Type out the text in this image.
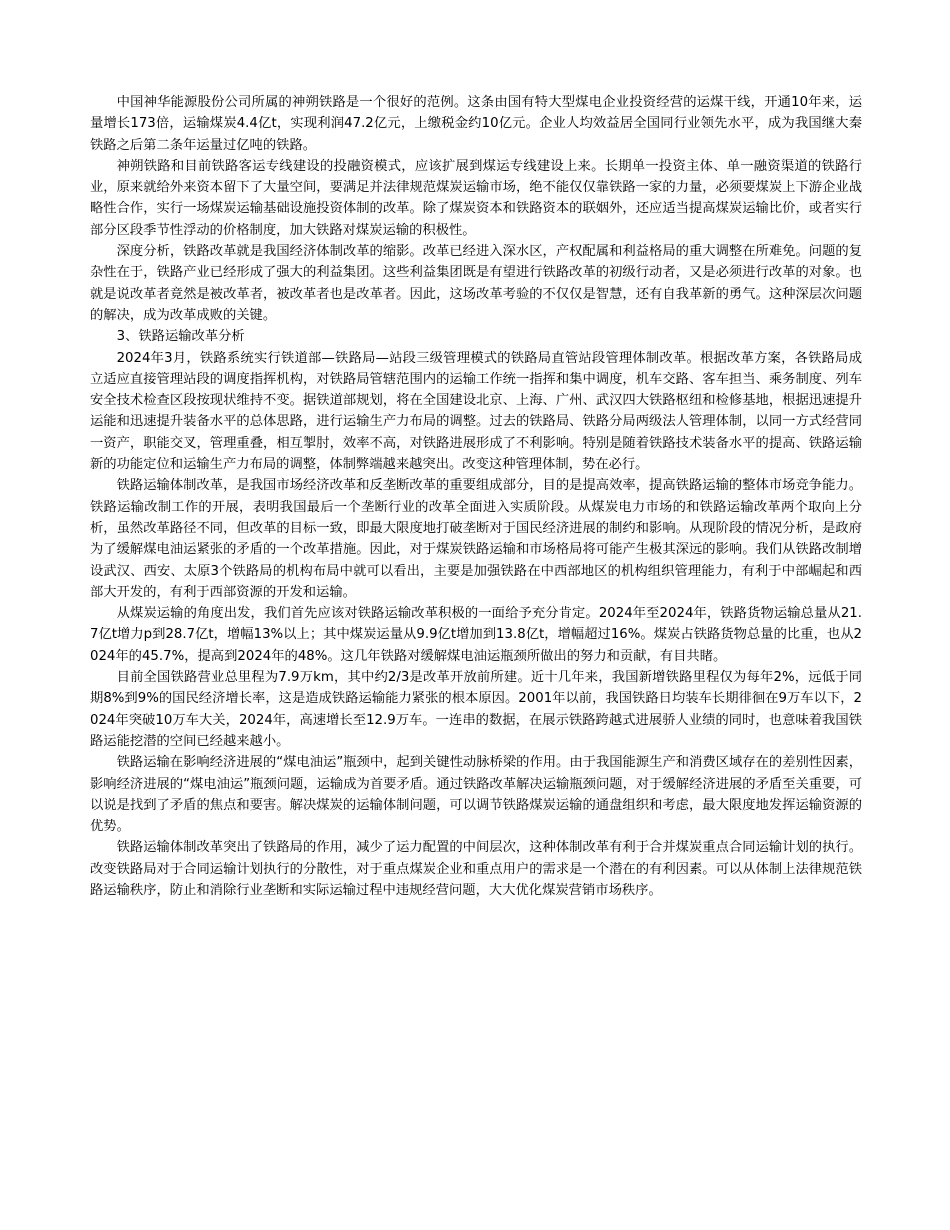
中国神华能源股份公司所属的神朔铁路是一个很好的范例。这条由国有特大型煤电企业投资经营的运煤干线，开通10年来，运量增长173倍，运输煤炭4.4亿t，实现利润47.2亿元，上缴税金约10亿元。企业人均效益居全国同行业领先水平，成为我国继大秦铁路之后第二条年运量过亿吨的铁路。

神朔铁路和目前铁路客运专线建设的投融资模式，应该扩展到煤运专线建设上来。长期单一投资主体、单一融资渠道的铁路行业，原来就给外来资本留下了大量空间，要满足并法律规范煤炭运输市场，绝不能仅仅靠铁路一家的力量，必须要煤炭上下游企业战略性合作，实行一场煤炭运输基础设施投资体制的改革。除了煤炭资本和铁路资本的联姻外，还应适当提高煤炭运输比价，或者实行部分区段季节性浮动的价格制度，加大铁路对煤炭运输的积极性。

深度分析，铁路改革就是我国经济体制改革的缩影。改革已经进入深水区，产权配属和利益格局的重大调整在所难免。问题的复杂性在于，铁路产业已经形成了强大的利益集团。这些利益集团既是有望进行铁路改革的初级行动者，又是必须进行改革的对象。也就是说改革者竟然是被改革者，被改革者也是改革者。因此，这场改革考验的不仅仅是智慧，还有自我革新的勇气。这种深层次问题的解决，成为改革成败的关键。

3、铁路运输改革分析

2024年3月，铁路系统实行铁道部—铁路局—站段三级管理模式的铁路局直管站段管理体制改革。根据改革方案，各铁路局成立适应直接管理站段的调度指挥机构，对铁路局管辖范围内的运输工作统一指挥和集中调度，机车交路、客车担当、乘务制度、列车安全技术检查区段按现状维持不变。据铁道部规划，将在全国建设北京、上海、广州、武汉四大铁路枢纽和检修基地，根据迅速提升运能和迅速提升装备水平的总体思路，进行运输生产力布局的调整。过去的铁路局、铁路分局两级法人管理体制，以同一方式经营同一资产，职能交叉，管理重叠，相互掣肘，效率不高，对铁路进展形成了不利影响。特别是随着铁路技术装备水平的提高、铁路运输新的功能定位和运输生产力布局的调整，体制弊端越来越突出。改变这种管理体制，势在必行。

铁路运输体制改革，是我国市场经济改革和反垄断改革的重要组成部分，目的是提高效率，提高铁路运输的整体市场竞争能力。铁路运输改制工作的开展，表明我国最后一个垄断行业的改革全面进入实质阶段。从煤炭电力市场的和铁路运输改革两个取向上分析，虽然改革路径不同，但改革的目标一致，即最大限度地打破垄断对于国民经济进展的制约和影响。从现阶段的情况分析，是政府为了缓解煤电油运紧张的矛盾的一个改革措施。因此，对于煤炭铁路运输和市场格局将可能产生极其深远的影响。我们从铁路改制增设武汉、西安、太原3个铁路局的机构布局中就可以看出，主要是加强铁路在中西部地区的机构组织管理能力，有利于中部崛起和西部大开发的，有利于西部资源的开发和运输。

从煤炭运输的角度出发，我们首先应该对铁路运输改革积极的一面给予充分肯定。2024年至2024年，铁路货物运输总量从21.7亿t增力p到28.7亿t，增幅13%以上；其中煤炭运量从9.9亿t增加到13.8亿t，增幅超过16%。煤炭占铁路货物总量的比重，也从2024年的45.7%，提高到2024年的48%。这几年铁路对缓解煤电油运瓶颈所做出的努力和贡献，有目共睹。

目前全国铁路营业总里程为7.9万km，其中约2/3是改革开放前所建。近十几年来，我国新增铁路里程仅为每年2%，远低于同期8%到9%的国民经济增长率，这是造成铁路运输能力紧张的根本原因。2001年以前，我国铁路日均装车长期徘徊在9万车以下，2024年突破10万车大关，2024年，高速增长至12.9万车。一连串的数据，在展示铁路跨越式进展骄人业绩的同时，也意味着我国铁路运能挖潜的空间已经越来越小。

铁路运输在影响经济进展的“煤电油运”瓶颈中，起到关键性动脉桥梁的作用。由于我国能源生产和消费区域存在的差别性因素，影响经济进展的“煤电油运”瓶颈问题，运输成为首要矛盾。通过铁路改革解决运输瓶颈问题，对于缓解经济进展的矛盾至关重要，可以说是找到了矛盾的焦点和要害。解决煤炭的运输体制问题，可以调节铁路煤炭运输的通盘组织和考虑，最大限度地发挥运输资源的优势。

铁路运输体制改革突出了铁路局的作用，减少了运力配置的中间层次，这种体制改革有利于合并煤炭重点合同运输计划的执行。改变铁路局对于合同运输计划执行的分散性，对于重点煤炭企业和重点用户的需求是一个潜在的有利因素。可以从体制上法律规范铁路运输秩序，防止和消除行业垄断和实际运输过程中违规经营问题，大大优化煤炭营销市场秩序。
